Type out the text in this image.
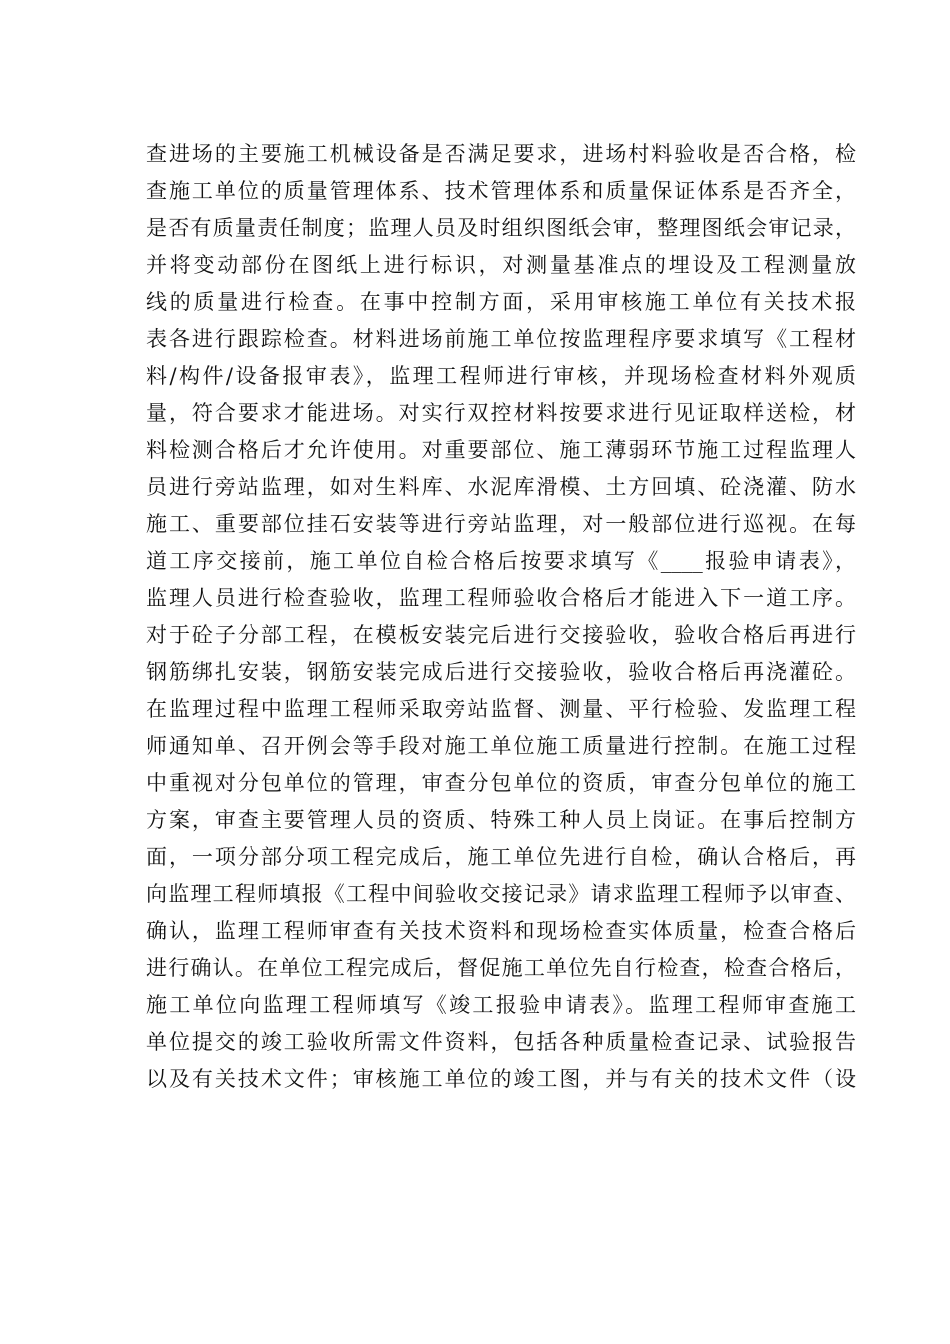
查进场的主要施工机械设备是否满足要求，进场村料验收是否合格，检
查施工单位的质量管理体系、技术管理体系和质量保证体系是否齐全，
是否有质量责任制度；监理人员及时组织图纸会审，整理图纸会审记录，
并将变动部份在图纸上进行标识，对测量基准点的埋设及工程测量放
线的质量进行检查。在事中控制方面，采用审核施工单位有关技术报
表各进行跟踪检查。材料进场前施工单位按监理程序要求填写《工程材
料/构件/设备报审表》，监理工程师进行审核，并现场检查材料外观质
量，符合要求才能进场。对实行双控材料按要求进行见证取样送检，材
料检测合格后才允许使用。对重要部位、施工薄弱环节施工过程监理人
员进行旁站监理，如对生料库、水泥库滑模、土方回填、砼浇灌、防水
施工、重要部位挂石安装等进行旁站监理，对一般部位进行巡视。在每
道工序交接前，施工单位自检合格后按要求填写《____报验申请表》，
监理人员进行检查验收，监理工程师验收合格后才能进入下一道工序。
对于砼子分部工程，在模板安装完后进行交接验收，验收合格后再进行
钢筋绑扎安装，钢筋安装完成后进行交接验收，验收合格后再浇灌砼。
在监理过程中监理工程师采取旁站监督、测量、平行检验、发监理工程
师通知单、召开例会等手段对施工单位施工质量进行控制。在施工过程
中重视对分包单位的管理，审查分包单位的资质，审查分包单位的施工
方案，审查主要管理人员的资质、特殊工种人员上岗证。在事后控制方
面，一项分部分项工程完成后，施工单位先进行自检，确认合格后，再
向监理工程师填报《工程中间验收交接记录》请求监理工程师予以审查、
确认，监理工程师审查有关技术资料和现场检查实体质量，检查合格后
进行确认。在单位工程完成后，督促施工单位先自行检查，检查合格后，
施工单位向监理工程师填写《竣工报验申请表》。监理工程师审查施工
单位提交的竣工验收所需文件资料，包括各种质量检查记录、试验报告
以及有关技术文件；审核施工单位的竣工图，并与有关的技术文件（设
